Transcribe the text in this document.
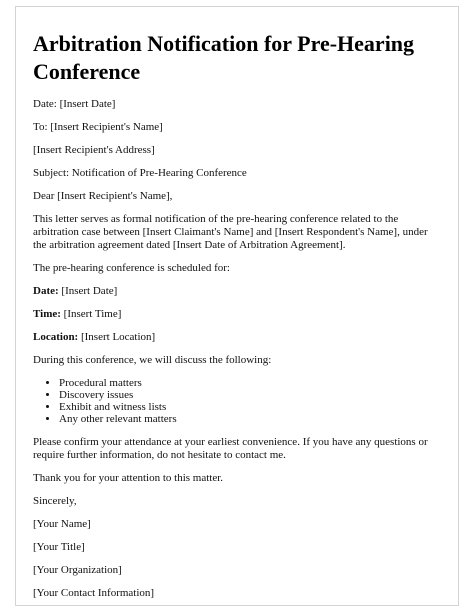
Arbitration Notification for Pre-Hearing Conference

Date: [Insert Date]

To: [Insert Recipient's Name]

[Insert Recipient's Address]

Subject: Notification of Pre-Hearing Conference

Dear [Insert Recipient's Name],

This letter serves as formal notification of the pre-hearing conference related to the arbitration case between [Insert Claimant's Name] and [Insert Respondent's Name], under the arbitration agreement dated [Insert Date of Arbitration Agreement].

The pre-hearing conference is scheduled for:

Date: [Insert Date]

Time: [Insert Time]

Location: [Insert Location]

During this conference, we will discuss the following:

• Procedural matters
• Discovery issues
• Exhibit and witness lists
• Any other relevant matters

Please confirm your attendance at your earliest convenience. If you have any questions or require further information, do not hesitate to contact me.

Thank you for your attention to this matter.

Sincerely,

[Your Name]

[Your Title]

[Your Organization]

[Your Contact Information]
